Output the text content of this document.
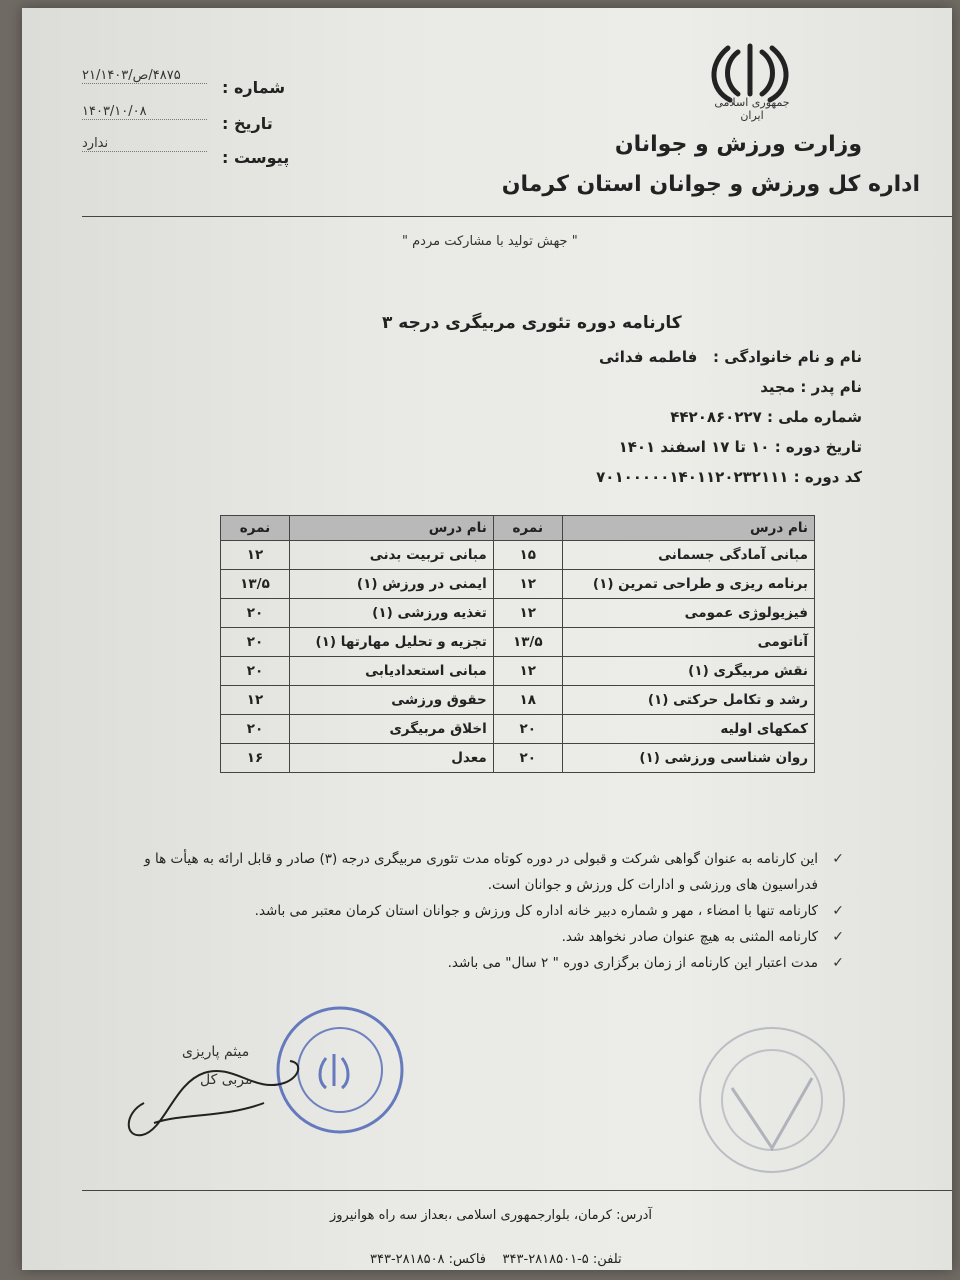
جمهوری اسلامی ایران
وزارت ورزش و جوانان
اداره کل ورزش و جوانان استان کرمان
شماره :
۴۸۷۵/ص/۲۱/۱۴۰۳
تاریخ :
۱۴۰۳/۱۰/۰۸
پیوست :
ندارد
" جهش تولید با مشارکت مردم "
کارنامه دوره تئوری مربیگری درجه ۳
نام و نام خانوادگی :   فاطمه فدائی
نام پدر : مجید
شماره ملی : ۴۴۲۰۸۶۰۲۲۷
تاریخ دوره : ۱۰ تا ۱۷ اسفند ۱۴۰۱
کد دوره : ۷۰۱۰۰۰۰۰۱۴۰۱۱۲۰۲۳۲۱۱۱
نام درس	نمره	نام درس	نمره
مبانی آمادگی جسمانی	۱۵	مبانی تربیت بدنی	۱۲
برنامه ریزی و طراحی تمرین (۱)	۱۲	ایمنی در ورزش (۱)	۱۳/۵
فیزیولوژی عمومی	۱۲	تغذیه ورزشی (۱)	۲۰
آناتومی	۱۳/۵	تجزیه و تحلیل مهارتها (۱)	۲۰
نقش مربیگری (۱)	۱۲	مبانی استعدادیابی	۲۰
رشد و تکامل حرکتی (۱)	۱۸	حقوق ورزشی	۱۲
کمکهای اولیه	۲۰	اخلاق مربیگری	۲۰
روان شناسی ورزشی (۱)	۲۰	معدل	۱۶
✓
این کارنامه به عنوان گواهی شرکت و قبولی در دوره کوتاه مدت تئوری مربیگری درجه (۳) صادر و قابل ارائه به هیأت ها و فدراسیون های ورزشی و ادارات کل ورزش و جوانان است.
✓
کارنامه تنها با امضاء ، مهر و شماره دبیر خانه اداره کل ورزش و جوانان استان کرمان معتبر می باشد.
✓
کارنامه المثنی به هیچ عنوان صادر نخواهد شد.
✓
مدت اعتبار این کارنامه از زمان برگزاری دوره " ۲ سال" می باشد.
میثم پاریزی
مربی کل
آدرس: کرمان، بلوارجمهوری اسلامی ،بعداز سه راه هوانیروز
تلفن: ۵-۲۸۱۸۵۰۱-۳۴۳    فاکس: ۲۸۱۸۵۰۸-۳۴۳
